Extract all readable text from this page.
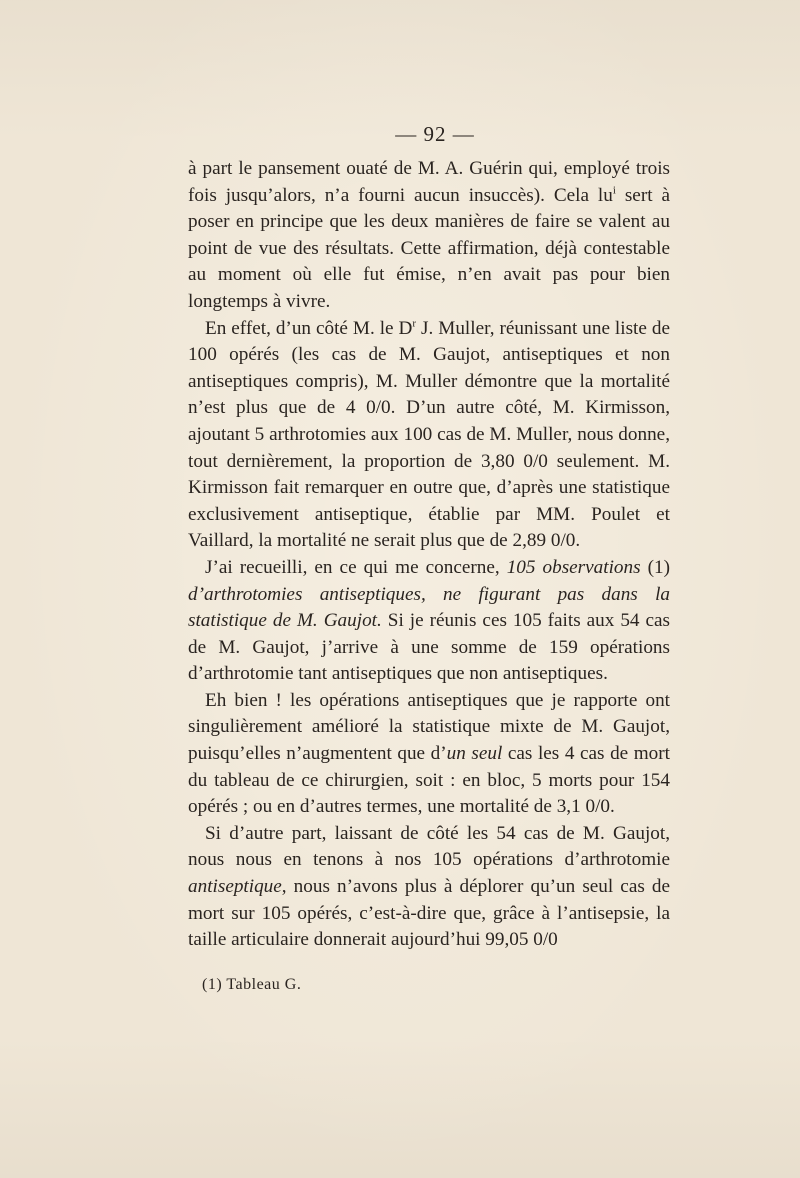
— 92 —

à part le pansement ouaté de M. A. Guérin qui, employé trois fois jusqu’alors, n’a fourni aucun insuccès). Cela $lu^i$ sert à poser en principe que les deux manières de faire se valent au point de vue des résultats. Cette affirmation, déjà contestable au moment où elle fut émise, n’en avait pas pour bien longtemps à vivre.

En effet, d’un côté M. le $D^r$ J. Muller, réunissant une liste de 100 opérés (les cas de M. Gaujot, antiseptiques et non antiseptiques compris), M. Muller démontre que la mortalité n’est plus que de 4 0/0. D’un autre côté, M. Kirmisson, ajoutant 5 arthrotomies aux 100 cas de M. Muller, nous donne, tout dernièrement, la proportion de 3,80 0/0 seulement. M. Kirmisson fait remarquer en outre que, d’après une statistique exclusivement antiseptique, établie par MM. Poulet et Vaillard, la mortalité ne serait plus que de 2,89 0/0.

J’ai recueilli, en ce qui me concerne, 105 observations (1) d’arthrotomies antiseptiques, ne figurant pas dans la statistique de M. Gaujot. Si je réunis ces 105 faits aux 54 cas de M. Gaujot, j’arrive à une somme de 159 opérations d’arthrotomie tant antiseptiques que non antiseptiques.

Eh bien ! les opérations antiseptiques que je rapporte ont singulièrement amélioré la statistique mixte de M. Gaujot, puisqu’elles n’augmentent que d’un seul cas les 4 cas de mort du tableau de ce chirurgien, soit : en bloc, 5 morts pour 154 opérés ; ou en d’autres termes, une mortalité de 3,1 0/0.

Si d’autre part, laissant de côté les 54 cas de M. Gaujot, nous nous en tenons à nos 105 opérations d’arthrotomie antiseptique, nous n’avons plus à déplorer qu’un seul cas de mort sur 105 opérés, c’est-à-dire que, grâce à l’antisepsie, la taille articulaire donnerait aujourd’hui 99,05 0/0

(1) Tableau G.
